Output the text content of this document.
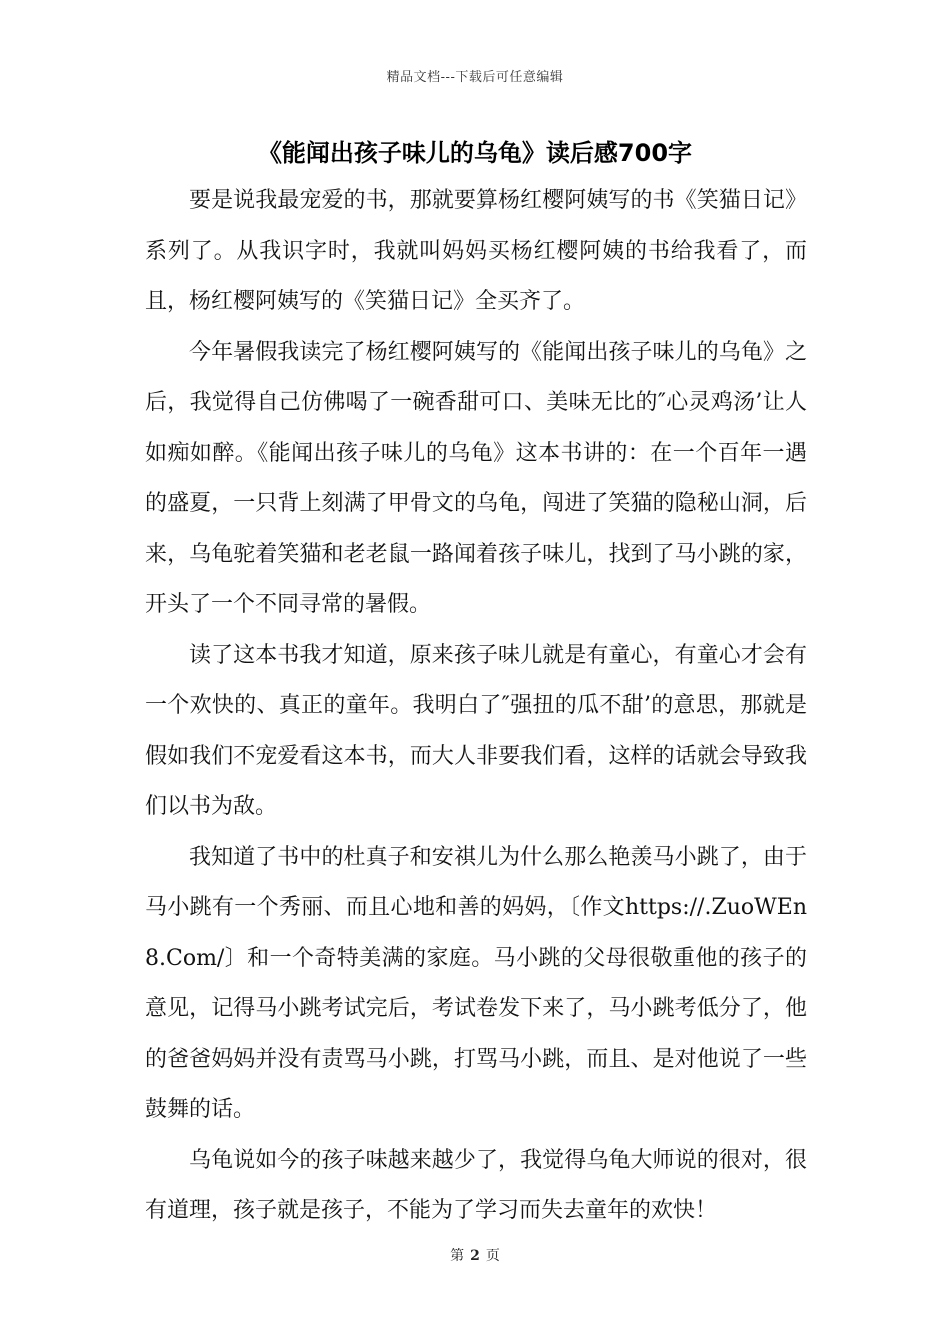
精品文档---下载后可任意编辑
《能闻出孩子味儿的乌龟》读后感700字

要是说我最宠爱的书，那就要算杨红樱阿姨写的书《笑猫日记》系列了。从我识字时，我就叫妈妈买杨红樱阿姨的书给我看了，而且，杨红樱阿姨写的《笑猫日记》全买齐了。

今年暑假我读完了杨红樱阿姨写的《能闻出孩子味儿的乌龟》之后，我觉得自己仿佛喝了一碗香甜可口、美味无比的″心灵鸡汤’让人如痴如醉。《能闻出孩子味儿的乌龟》这本书讲的：在一个百年一遇的盛夏，一只背上刻满了甲骨文的乌龟，闯进了笑猫的隐秘山洞，后来，乌龟驼着笑猫和老老鼠一路闻着孩子味儿，找到了马小跳的家，开头了一个不同寻常的暑假。

读了这本书我才知道，原来孩子味儿就是有童心，有童心才会有一个欢快的、真正的童年。我明白了″强扭的瓜不甜’的意思，那就是假如我们不宠爱看这本书，而大人非要我们看，这样的话就会导致我们以书为敌。

我知道了书中的杜真子和安祺儿为什么那么艳羡马小跳了，由于马小跳有一个秀丽、而且心地和善的妈妈，〔作文https://.ZuoWEn8.Com/〕和一个奇特美满的家庭。马小跳的父母很敬重他的孩子的意见，记得马小跳考试完后，考试卷发下来了，马小跳考低分了，他的爸爸妈妈并没有责骂马小跳，打骂马小跳，而且、是对他说了一些鼓舞的话。

乌龟说如今的孩子味越来越少了，我觉得乌龟大师说的很对，很有道理，孩子就是孩子，不能为了学习而失去童年的欢快！

第 2 页
